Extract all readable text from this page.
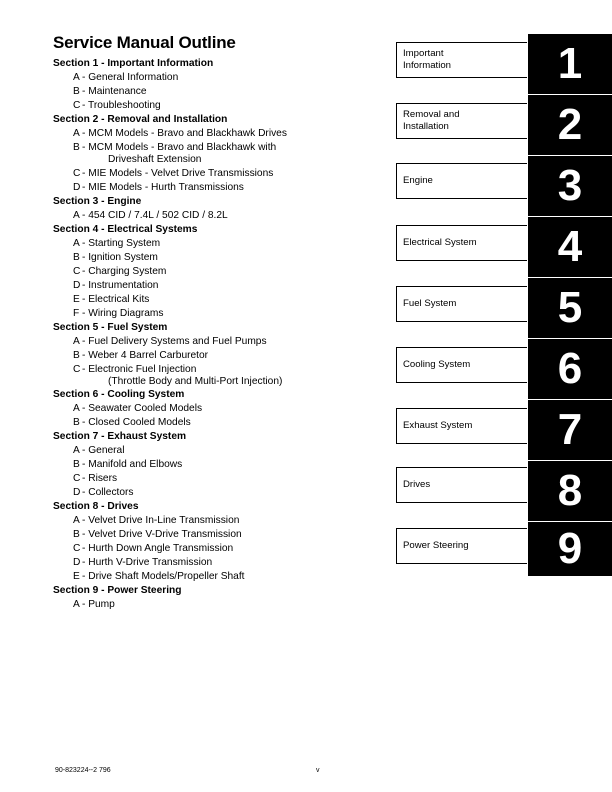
Service Manual Outline
Section 1 - Important Information
A - General Information
B - Maintenance
C - Troubleshooting
Section 2 - Removal and Installation
A - MCM Models - Bravo and Blackhawk Drives
B - MCM Models - Bravo and Blackhawk with
Driveshaft Extension
C - MIE Models - Velvet Drive Transmissions
D - MIE Models - Hurth Transmissions
Section 3 - Engine
A - 454 CID / 7.4L / 502 CID / 8.2L
Section 4 - Electrical Systems
A - Starting System
B - Ignition System
C - Charging System
D - Instrumentation
E - Electrical Kits
F - Wiring Diagrams
Section 5 - Fuel System
A - Fuel Delivery Systems and Fuel Pumps
B - Weber 4 Barrel Carburetor
C - Electronic Fuel Injection
(Throttle Body and Multi-Port Injection)
Section 6 - Cooling System
A - Seawater Cooled Models
B - Closed Cooled Models
Section 7 - Exhaust System
A - General
B - Manifold and Elbows
C - Risers
D - Collectors
Section 8 - Drives
A - Velvet Drive In-Line Transmission
B - Velvet Drive V-Drive Transmission
C - Hurth Down Angle Transmission
D - Hurth V-Drive Transmission
E - Drive Shaft Models/Propeller Shaft
Section 9 - Power Steering
A - Pump
Important
Information	1
Removal and
Installation	2
Engine	3
Electrical System	4
Fuel System	5
Cooling System	6
Exhaust System	7
Drives	8
Power Steering	9
90-823224--2 796	v
